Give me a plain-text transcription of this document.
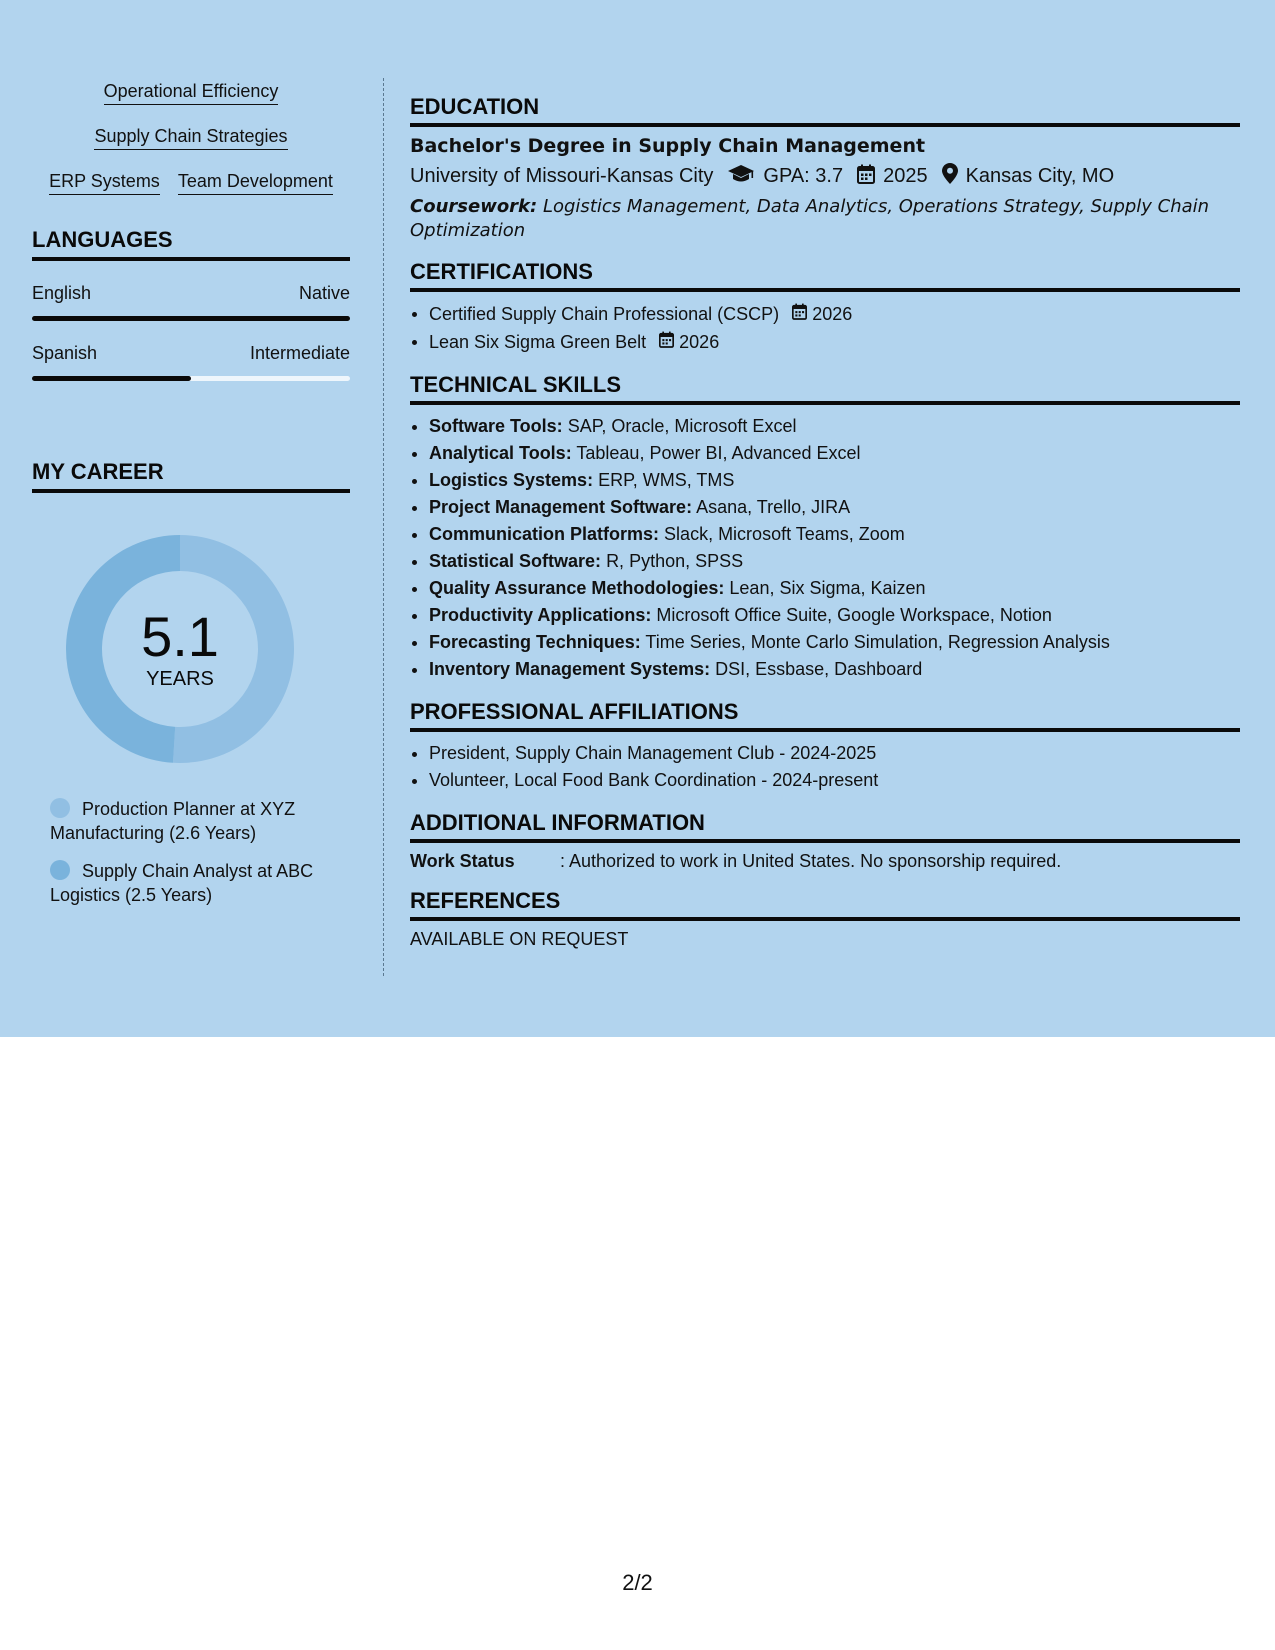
Operational Efficiency
Supply Chain Strategies
ERP Systems Team Development
LANGUAGES
English	Native
Spanish	Intermediate
MY CAREER
5.1
YEARS
Production Planner at XYZ Manufacturing (2.6 Years)
Supply Chain Analyst at ABC Logistics (2.5 Years)
EDUCATION
Bachelor's Degree in Supply Chain Management
University of Missouri-Kansas City	GPA: 3.7 2025 Kansas City, MO
Coursework: Logistics Management, Data Analytics, Operations Strategy, Supply Chain Optimization
CERTIFICATIONS
• Certified Supply Chain Professional (CSCP) 2026
• Lean Six Sigma Green Belt 2026
TECHNICAL SKILLS
• Software Tools: SAP, Oracle, Microsoft Excel
• Analytical Tools: Tableau, Power BI, Advanced Excel
• Logistics Systems: ERP, WMS, TMS
• Project Management Software: Asana, Trello, JIRA
• Communication Platforms: Slack, Microsoft Teams, Zoom
• Statistical Software: R, Python, SPSS
• Quality Assurance Methodologies: Lean, Six Sigma, Kaizen
• Productivity Applications: Microsoft Office Suite, Google Workspace, Notion
• Forecasting Techniques: Time Series, Monte Carlo Simulation, Regression Analysis
• Inventory Management Systems: DSI, Essbase, Dashboard
PROFESSIONAL AFFILIATIONS
• President, Supply Chain Management Club - 2024-2025
• Volunteer, Local Food Bank Coordination - 2024-present
ADDITIONAL INFORMATION
Work Status	: Authorized to work in United States. No sponsorship required.
REFERENCES
AVAILABLE ON REQUEST
2/2
